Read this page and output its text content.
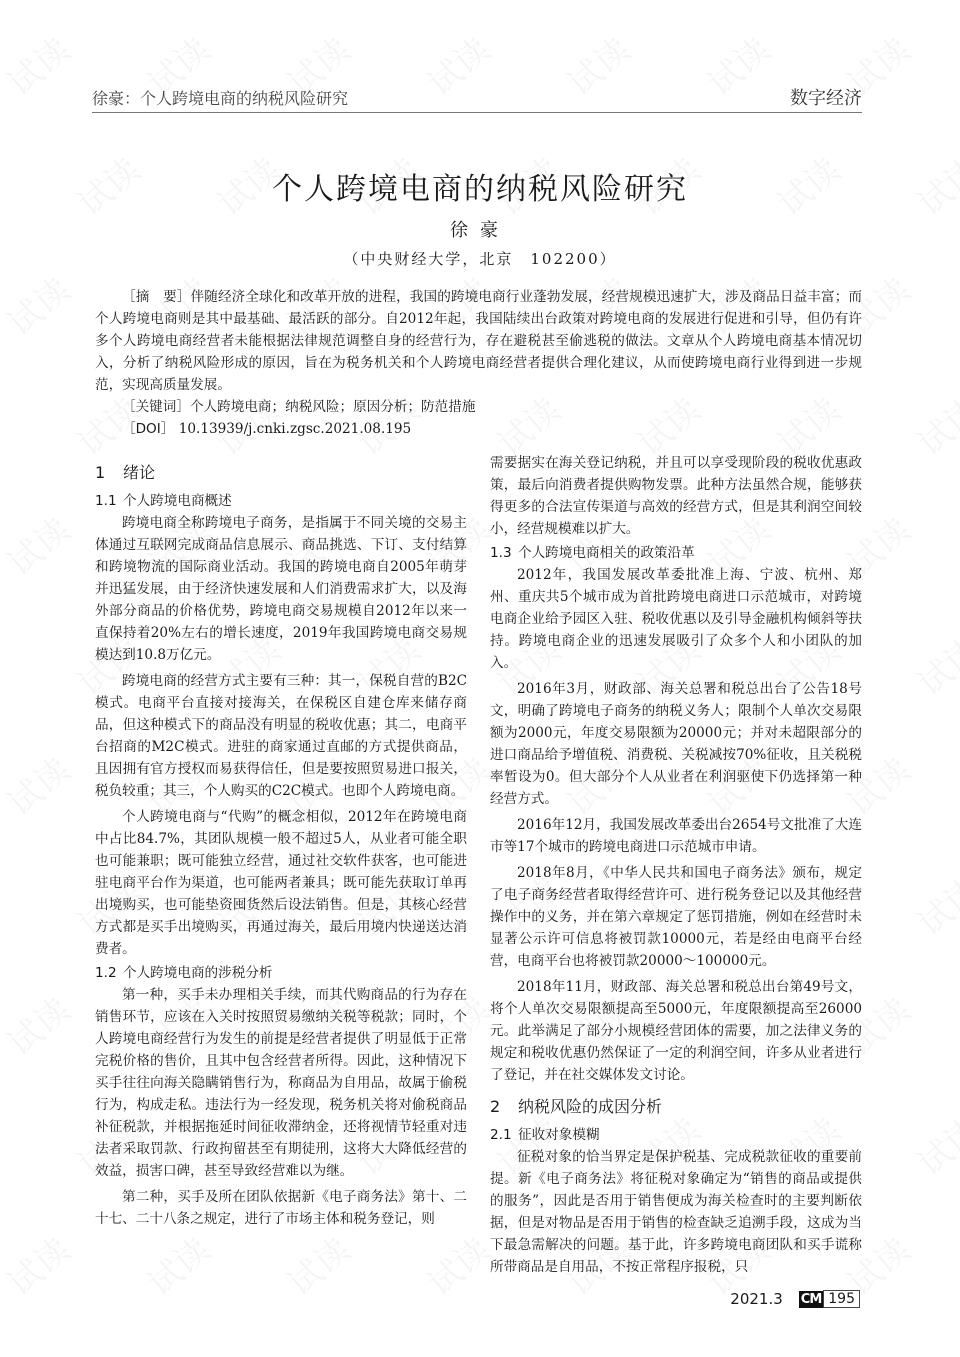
徐豪：个人跨境电商的纳税风险研究	数字经济
个人跨境电商的纳税风险研究
徐豪
（中央财经大学，北京　102200）

［摘　要］伴随经济全球化和改革开放的进程，我国的跨境电商行业蓬勃发展，经营规模迅速扩大，涉及商品日益丰富；而个人跨境电商则是其中最基础、最活跃的部分。自2012年起，我国陆续出台政策对跨境电商的发展进行促进和引导，但仍有许多个人跨境电商经营者未能根据法律规范调整自身的经营行为，存在避税甚至偷逃税的做法。文章从个人跨境电商基本情况切入，分析了纳税风险形成的原因，旨在为税务机关和个人跨境电商经营者提供合理化建议，从而使跨境电商行业得到进一步规范，实现高质量发展。

［关键词］个人跨境电商；纳税风险；原因分析；防范措施

［DOI］ 10.13939/j.cnki.zgsc.2021.08.195

1 绪论
1.1 个人跨境电商概述

跨境电商全称跨境电子商务，是指属于不同关境的交易主体通过互联网完成商品信息展示、商品挑选、下订、支付结算和跨境物流的国际商业活动。我国的跨境电商自2005年萌芽并迅猛发展，由于经济快速发展和人们消费需求扩大，以及海外部分商品的价格优势，跨境电商交易规模自2012年以来一直保持着20%左右的增长速度，2019年我国跨境电商交易规模达到10.8万亿元。

跨境电商的经营方式主要有三种：其一，保税自营的B2C模式。电商平台直接对接海关，在保税区自建仓库来储存商品，但这种模式下的商品没有明显的税收优惠；其二，电商平台招商的M2C模式。进驻的商家通过直邮的方式提供商品，且因拥有官方授权而易获得信任，但是要按照贸易进口报关，税负较重；其三，个人购买的C2C模式。也即个人跨境电商。

个人跨境电商与“代购”的概念相似，2012年在跨境电商中占比84.7%，其团队规模一般不超过5人，从业者可能全职也可能兼职；既可能独立经营，通过社交软件获客，也可能进驻电商平台作为渠道，也可能两者兼具；既可能先获取订单再出境购买，也可能垫资囤货然后设法销售。但是，其核心经营方式都是买手出境购买，再通过海关，最后用境内快递送达消费者。

1.2 个人跨境电商的涉税分析

第一种，买手未办理相关手续，而其代购商品的行为存在销售环节，应该在入关时按照贸易缴纳关税等税款；同时，个人跨境电商经营行为发生的前提是经营者提供了明显低于正常完税价格的售价，且其中包含经营者所得。因此，这种情况下买手往往向海关隐瞒销售行为，称商品为自用品，故属于偷税行为，构成走私。违法行为一经发现，税务机关将对偷税商品补征税款，并根据拖延时间征收滞纳金，还将视情节轻重对违法者采取罚款、行政拘留甚至有期徒刑，这将大大降低经营的效益，损害口碑，甚至导致经营难以为继。

第二种，买手及所在团队依据新《电子商务法》第十、二十七、二十八条之规定，进行了市场主体和税务登记，则

需要据实在海关登记纳税，并且可以享受现阶段的税收优惠政策，最后向消费者提供购物发票。此种方法虽然合规，能够获得更多的合法宣传渠道与高效的经营方式，但是其利润空间较小，经营规模难以扩大。

1.3 个人跨境电商相关的政策沿革

2012年，我国发展改革委批准上海、宁波、杭州、郑州、重庆共5个城市成为首批跨境电商进口示范城市，对跨境电商企业给予园区入驻、税收优惠以及引导金融机构倾斜等扶持。跨境电商企业的迅速发展吸引了众多个人和小团队的加入。

2016年3月，财政部、海关总署和税总出台了公告18号文，明确了跨境电子商务的纳税义务人；限制个人单次交易限额为2000元，年度交易限额为20000元；并对未超限部分的进口商品给予增值税、消费税、关税减按70%征收，且关税税率暂设为0。但大部分个人从业者在利润驱使下仍选择第一种经营方式。

2016年12月，我国发展改革委出台2654号文批准了大连市等17个城市的跨境电商进口示范城市申请。

2018年8月，《中华人民共和国电子商务法》颁布，规定了电子商务经营者取得经营许可、进行税务登记以及其他经营操作中的义务，并在第六章规定了惩罚措施，例如在经营时未显著公示许可信息将被罚款10000元，若是经由电商平台经营，电商平台也将被罚款20000～100000元。

2018年11月，财政部、海关总署和税总出台第49号文，将个人单次交易限额提高至5000元，年度限额提高至26000元。此举满足了部分小规模经营团体的需要，加之法律义务的规定和税收优惠仍然保证了一定的利润空间，许多从业者进行了登记，并在社交媒体发文讨论。

2 纳税风险的成因分析
2.1 征收对象模糊

征税对象的恰当界定是保护税基、完成税款征收的重要前提。新《电子商务法》将征税对象确定为“销售的商品或提供的服务”，因此是否用于销售便成为海关检查时的主要判断依据，但是对物品是否用于销售的检查缺乏追溯手段，这成为当下最急需解决的问题。基于此，许多跨境电商团队和买手谎称所带商品是自用品，不按正常程序报税，只

2021.3 CM 195
